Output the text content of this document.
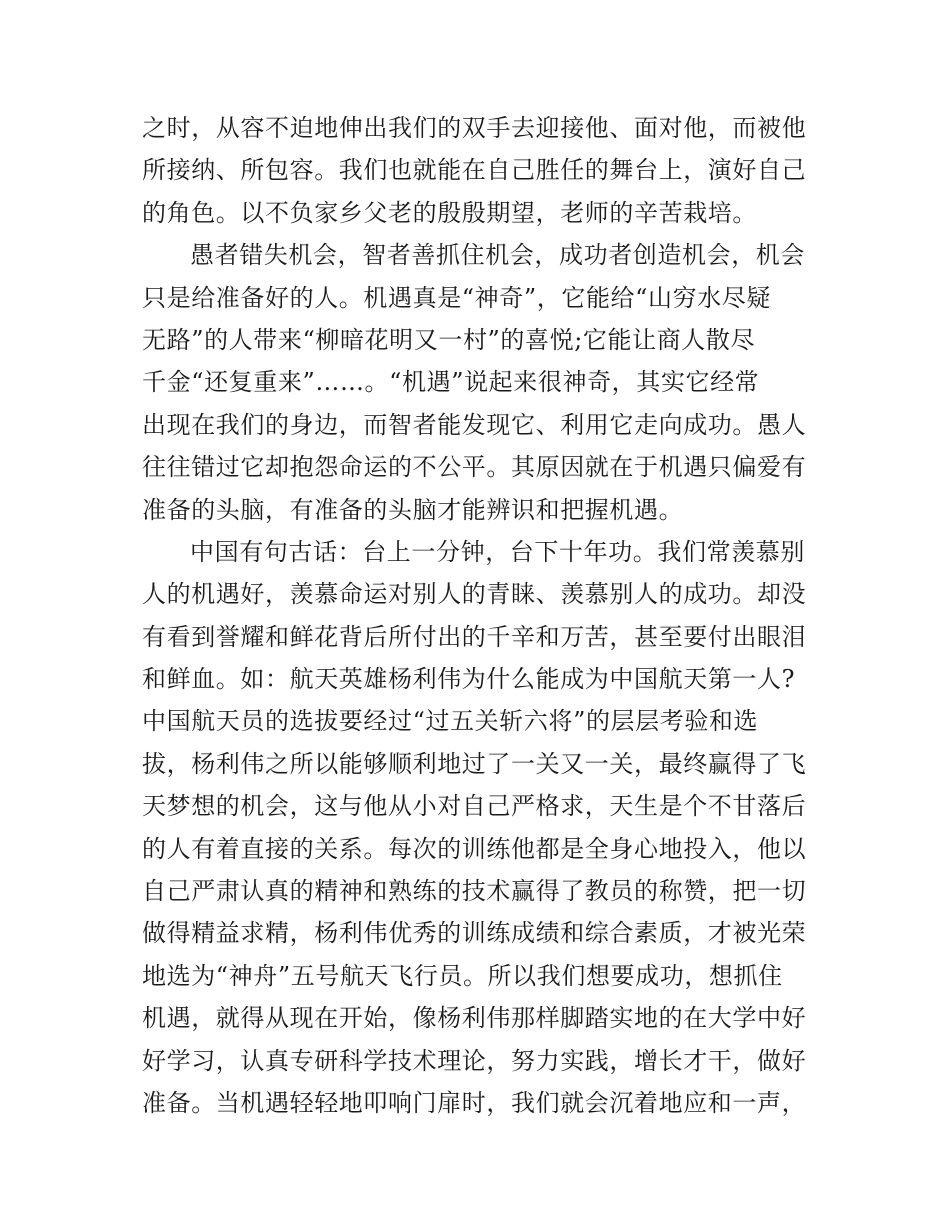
之时，从容不迫地伸出我们的双手去迎接他、面对他，而被他
所接纳、所包容。我们也就能在自己胜任的舞台上，演好自己
的角色。以不负家乡父老的殷殷期望，老师的辛苦栽培。
愚者错失机会，智者善抓住机会，成功者创造机会，机会
只是给准备好的人。机遇真是“神奇”，它能给“山穷水尽疑
无路”的人带来“柳暗花明又一村”的喜悦;它能让商人散尽
千金“还复重来”……。“机遇”说起来很神奇，其实它经常
出现在我们的身边，而智者能发现它、利用它走向成功。愚人
往往错过它却抱怨命运的不公平。其原因就在于机遇只偏爱有
准备的头脑，有准备的头脑才能辨识和把握机遇。
中国有句古话：台上一分钟，台下十年功。我们常羡慕别
人的机遇好，羡慕命运对别人的青睐、羡慕别人的成功。却没
有看到誉耀和鲜花背后所付出的千辛和万苦，甚至要付出眼泪
和鲜血。如：航天英雄杨利伟为什么能成为中国航天第一人?
中国航天员的选拔要经过“过五关斩六将”的层层考验和选
拔，杨利伟之所以能够顺利地过了一关又一关，最终赢得了飞
天梦想的机会，这与他从小对自己严格求，天生是个不甘落后
的人有着直接的关系。每次的训练他都是全身心地投入，他以
自己严肃认真的精神和熟练的技术赢得了教员的称赞，把一切
做得精益求精，杨利伟优秀的训练成绩和综合素质，才被光荣
地选为“神舟”五号航天飞行员。所以我们想要成功，想抓住
机遇，就得从现在开始，像杨利伟那样脚踏实地的在大学中好
好学习，认真专研科学技术理论，努力实践，增长才干，做好
准备。当机遇轻轻地叩响门扉时，我们就会沉着地应和一声，
